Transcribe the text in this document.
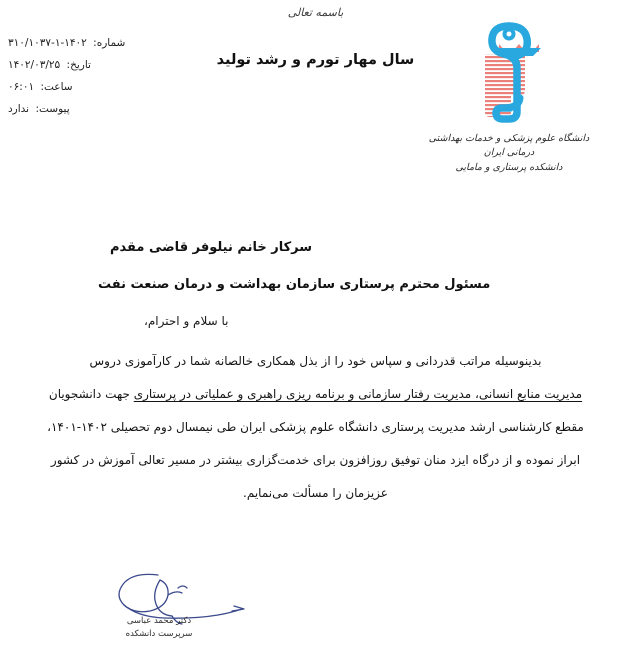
باسمه تعالی
سال مهار تورم و رشد تولید
شماره: ۱۴۰۲-۱-۳۱۰/۱۰۳۷
تاریخ: ۱۴۰۲/۰۳/۲۵
ساعت: ۰۶:۰۱
پیوست: ندارد
دانشگاه علوم پزشکی و خدمات بهداشتی درمانی ایران
دانشکده پرستاری و مامایی
سرکار خانم نیلوفر قاضی مقدم
مسئول محترم پرستاری سازمان بهداشت و درمان صنعت نفت
با سلام و احترام،
بدینوسیله مراتب قدردانی و سپاس خود را از بذل همکاری خالصانه شما در کارآموزی دروس
مدیریت منابع انسانی، مدیریت رفتار سازمانی و برنامه ریزی راهبری و عملیاتی در پرستاری جهت دانشجویان
مقطع کارشناسی ارشد مدیریت پرستاری دانشگاه علوم پزشکی ایران طی نیمسال دوم تحصیلی ۱۴۰۲-۱۴۰۱،
ابراز نموده و از درگاه ایزد منان توفیق روزافزون برای خدمت‌گزاری بیشتر در مسیر تعالی آموزش در کشور
عزیزمان را مسألت می‌نمایم.
دکتر محمد عباسی
سرپرست دانشکده
